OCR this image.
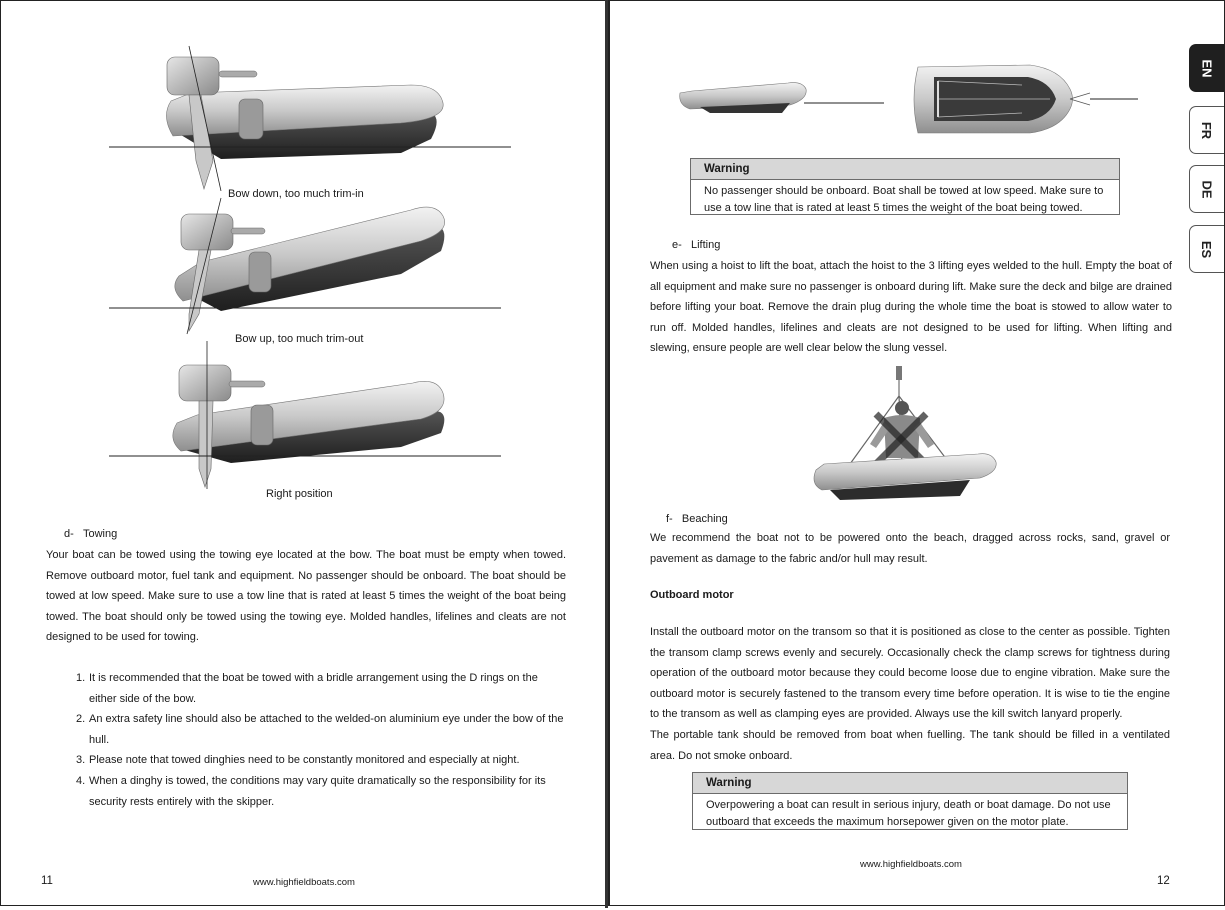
Bow down, too much trim-in
Bow up, too much trim-out
Right position
d- Towing

Your boat can be towed using the towing eye located at the bow. The boat must be empty when towed. Remove outboard motor, fuel tank and equipment. No passenger should be onboard. The boat should be towed at low speed. Make sure to use a tow line that is rated at least 5 times the weight of the boat being towed. The boat should only be towed using the towing eye. Molded handles, lifelines and cleats are not designed to be used for towing.

1. It is recommended that the boat be towed with a bridle arrangement using the D rings on the either side of the bow.
2. An extra safety line should also be attached to the welded-on aluminium eye under the bow of the hull.
3. Please note that towed dinghies need to be constantly monitored and especially at night.
4. When a dinghy is towed, the conditions may vary quite dramatically so the responsibility for its security rests entirely with the skipper.
11	www.highfieldboats.com
Warning
No passenger should be onboard. Boat shall be towed at low speed. Make sure to use a tow line that is rated at least 5 times the weight of the boat being towed.
e- Lifting

When using a hoist to lift the boat, attach the hoist to the 3 lifting eyes welded to the hull. Empty the boat of all equipment and make sure no passenger is onboard during lift. Make sure the deck and bilge are drained before lifting your boat. Remove the drain plug during the whole time the boat is stowed to allow water to run off. Molded handles, lifelines and cleats are not designed to be used for lifting. When lifting and slewing, ensure people are well clear below the slung vessel.

f- Beaching

We recommend the boat not to be powered onto the beach, dragged across rocks, sand, gravel or pavement as damage to the fabric and/or hull may result.

Outboard motor

Install the outboard motor on the transom so that it is positioned as close to the center as possible. Tighten the transom clamp screws evenly and securely. Occasionally check the clamp screws for tightness during operation of the outboard motor because they could become loose due to engine vibration. Make sure the outboard motor is securely fastened to the transom every time before operation. It is wise to tie the engine to the transom as well as clamping eyes are provided. Always use the kill switch lanyard properly.

The portable tank should be removed from boat when fuelling. The tank should be filled in a ventilated area. Do not smoke onboard.

Warning
Overpowering a boat can result in serious injury, death or boat damage. Do not use outboard that exceeds the maximum horsepower given on the motor plate.
www.highfieldboats.com
12
EN
FR
DE
ES
